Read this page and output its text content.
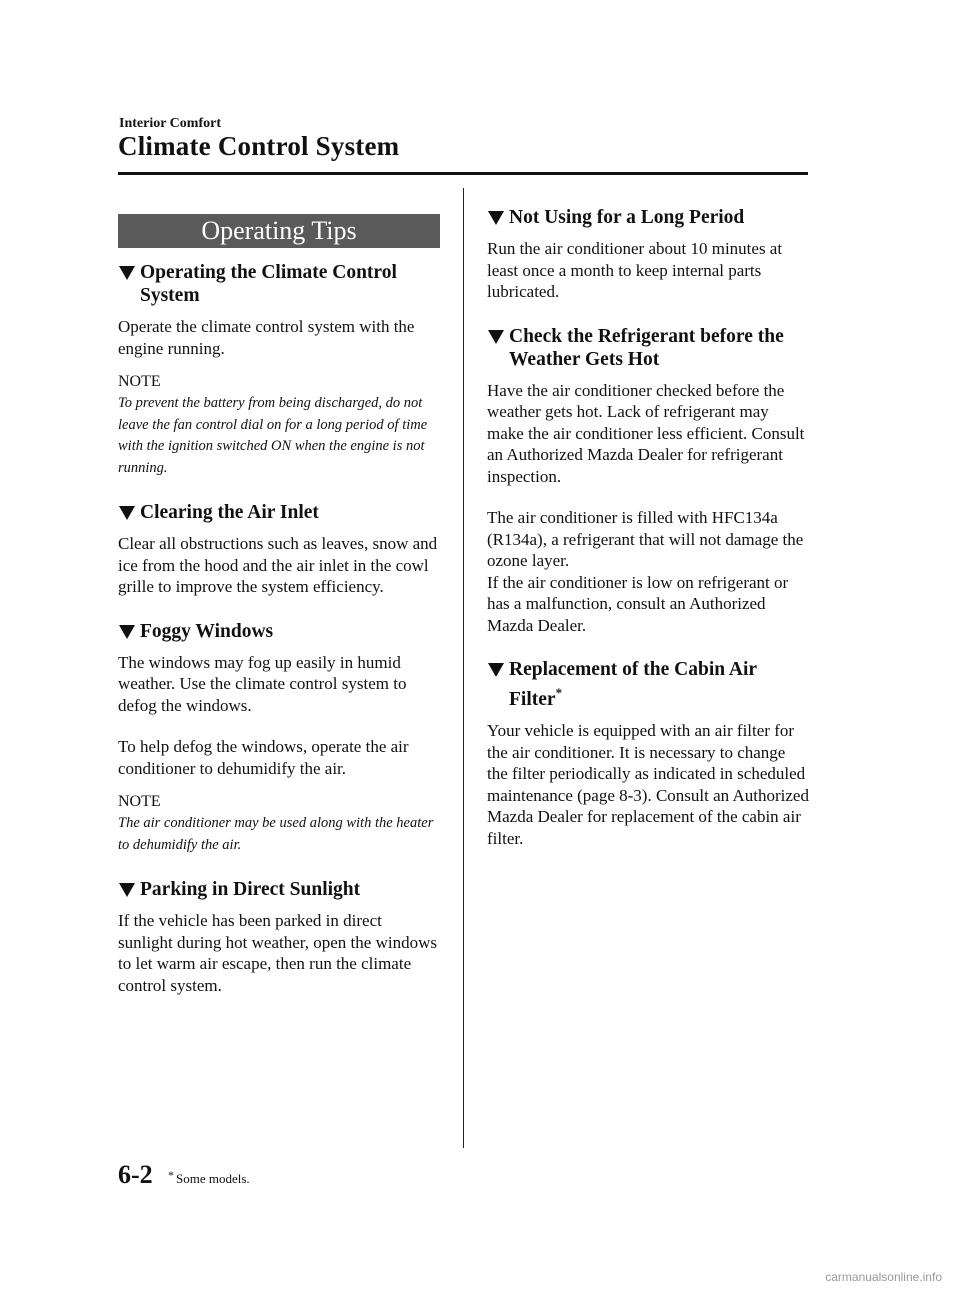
Interior Comfort
Climate Control System
Operating Tips
Operating the Climate Control System

Operate the climate control system with the engine running.

NOTE

To prevent the battery from being discharged, do not leave the fan control dial on for a long period of time with the ignition switched ON when the engine is not running.

Clearing the Air Inlet

Clear all obstructions such as leaves, snow and ice from the hood and the air inlet in the cowl grille to improve the system efficiency.

Foggy Windows

The windows may fog up easily in humid weather. Use the climate control system to defog the windows.

To help defog the windows, operate the air conditioner to dehumidify the air.

NOTE

The air conditioner may be used along with the heater to dehumidify the air.

Parking in Direct Sunlight

If the vehicle has been parked in direct sunlight during hot weather, open the windows to let warm air escape, then run the climate control system.

Not Using for a Long Period

Run the air conditioner about 10 minutes at least once a month to keep internal parts lubricated.

Check the Refrigerant before the Weather Gets Hot

Have the air conditioner checked before the weather gets hot. Lack of refrigerant may make the air conditioner less efficient. Consult an Authorized Mazda Dealer for refrigerant inspection.

The air conditioner is filled with HFC134a (R134a), a refrigerant that will not damage the ozone layer.

If the air conditioner is low on refrigerant or has a malfunction, consult an Authorized Mazda Dealer.

Replacement of the Cabin Air Filter*

Your vehicle is equipped with an air filter for the air conditioner. It is necessary to change the filter periodically as indicated in scheduled maintenance (page 8-3). Consult an Authorized Mazda Dealer for replacement of the cabin air filter.

6-2 * Some models.
carmanualsonline.info
